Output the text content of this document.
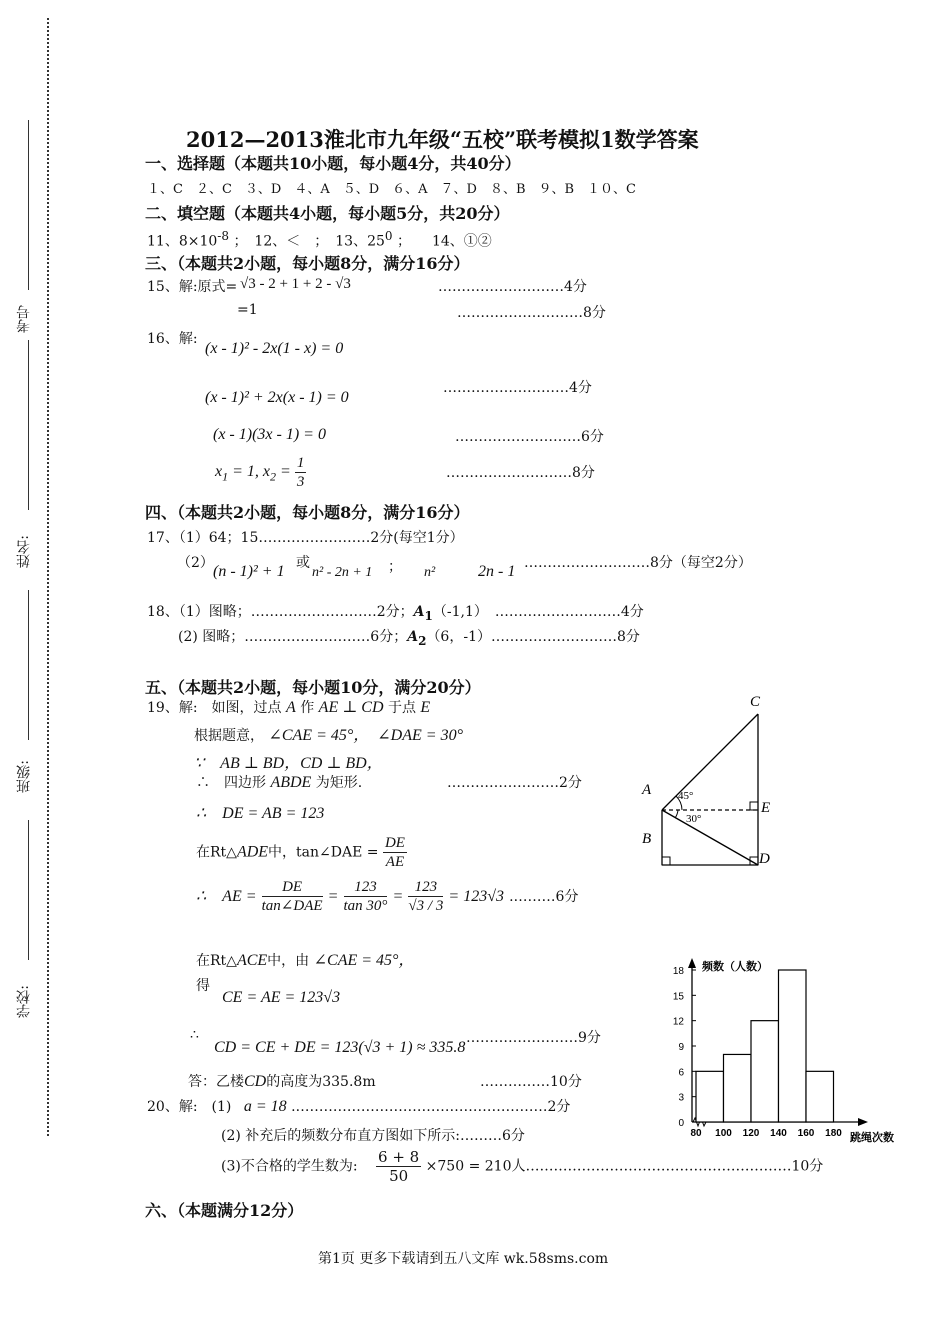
考号
姓名:
班级:
学校:
2012—2013淮北市九年级“五校”联考模拟1数学答案
一、选择题（本题共10小题，每小题4分，共40分）
１、C　２、C　３、D　４、A　５、D　６、A　７、D　８、B　９、B　１０、C
二、填空题（本题共4小题，每小题5分，共20分）
11、$8\times 10^{-8}$ ；　12、＜　；　13、$25^0$ ；　　14、①②
三、（本题共2小题，每小题8分，满分16分）
15、解:原式= √3 - 2 + 1 + 2 - √3	………………………4分
=1	………………………8分
16、解:
(x - 1)² - 2x(1 - x) = 0
(x - 1)² + 2x(x - 1) = 0
………………………4分
(x - 1)(3x - 1) = 0	………………………6分
$x_1 = 1$, $x_2 = \frac{1}{3}$	………………………8分
四、（本题共2小题，每小题8分，满分16分）
17、（1）64；15……………………2分(每空1分）
（2） (n - 1)² + 1 或
n² - 2n + 1 ； n²	2n - 1 ………………………8分（每空2分）
18、（1）图略；………………………2分；$A_1(-1,1)$　………………………4分
(2) 图略；………………………6分；$A_2(6$，-1）………………………8分
五、（本题共2小题，每小题10分，满分20分）
19、解:　如图，过点 A 作 AE ⊥ CD 于点 E
根据题意， ∠CAE = 45°，　∠DAE = 30°
∵　AB ⊥ BD，CD ⊥ BD，
∴　四边形 ABDE 为矩形.	……………………2分
∴　DE = AB = 123
在Rt△ADE中，tan∠DAE = $\frac{DE}{AE}$
∴　AE = $\frac{DE}{\text{tan∠DAE}} = \frac{123}{\tan 30^\circ} = \frac{123}{√3 / 3} = 123√3$ .………6分
在Rt△ACE中，由 ∠CAE = 45°，
得
CE = AE = 123√3
∴
CD = CE + DE = 123(√3 + 1) ≈ 335.8
……………………9分
答：乙楼CD的高度为335.8m	……………10分
20、解:　(1) a = 18 .………………………………………………2分
(2) 补充后的频数分布直方图如下所示:………6分
(3)不合格的学生数为: $\frac{6 + 8}{50} \times 750 = 210$人…………………………………………………10分
六、（本题满分12分）
C
A
E
B
D
45°
30°
0
3
6
9
12
15
18
80 100 120 140 160 180
频数（人数）
跳绳次数
第1页 更多下载请到五八文库 wk.58sms.com
